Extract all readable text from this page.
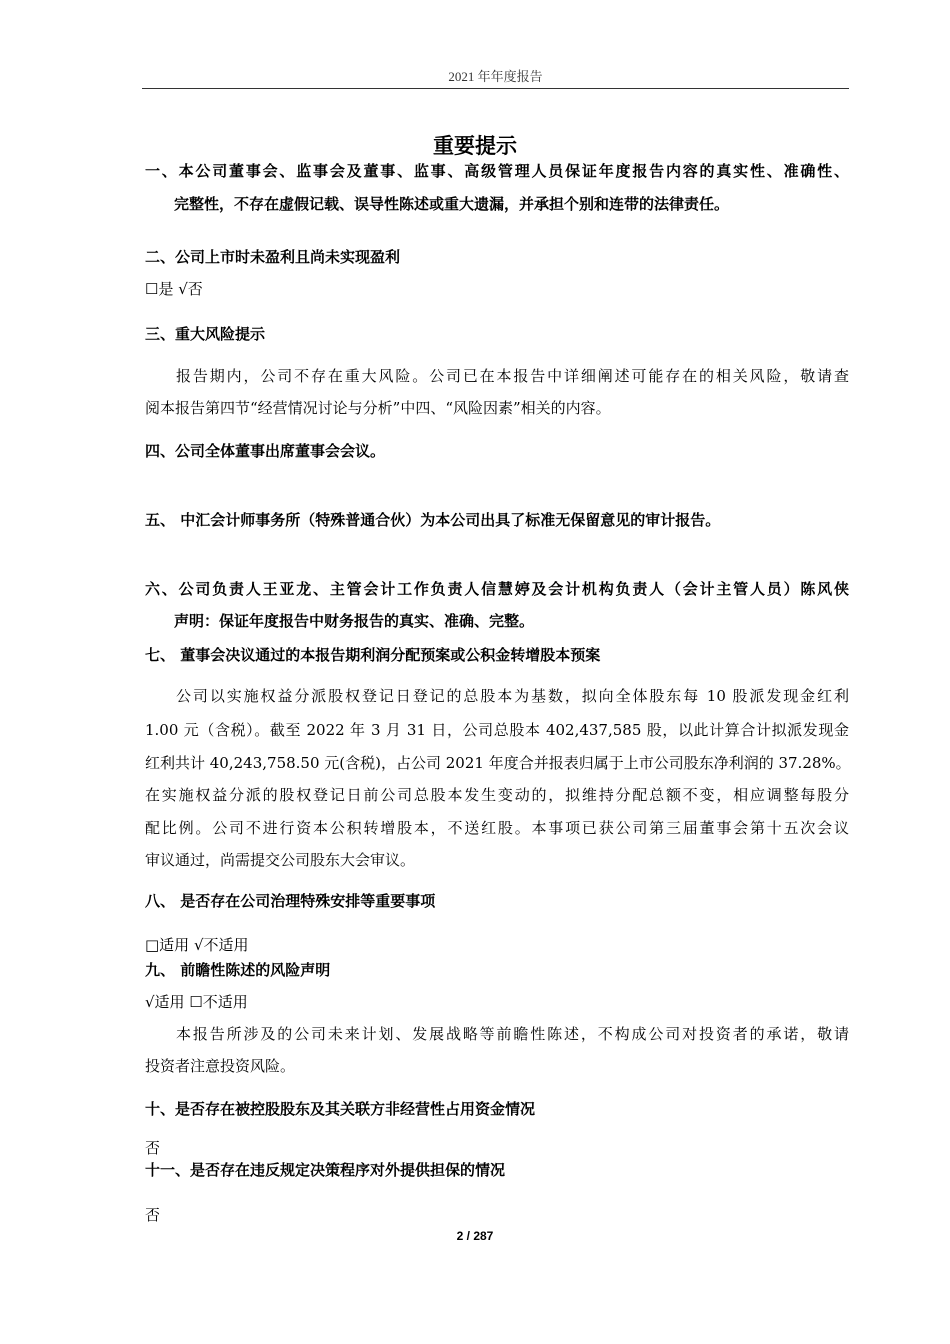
2021 年年度报告
重要提示
一、本公司董事会、监事会及董事、监事、高级管理人员保证年度报告内容的真实性、准确性、
完整性，不存在虚假记载、误导性陈述或重大遗漏，并承担个别和连带的法律责任。
二、公司上市时未盈利且尚未实现盈利
☐是 √否
三、重大风险提示
报告期内，公司不存在重大风险。公司已在本报告中详细阐述可能存在的相关风险，敬请查
阅本报告第四节“经营情况讨论与分析”中四、“风险因素”相关的内容。
四、公司全体董事出席董事会会议。
五、 中汇会计师事务所（特殊普通合伙）为本公司出具了标准无保留意见的审计报告。
六、公司负责人王亚龙、主管会计工作负责人信慧婷及会计机构负责人（会计主管人员）陈风侠
声明：保证年度报告中财务报告的真实、准确、完整。
七、 董事会决议通过的本报告期利润分配预案或公积金转增股本预案
公司以实施权益分派股权登记日登记的总股本为基数，拟向全体股东每 10 股派发现金红利
1.00 元（含税）。截至 2022 年 3 月 31 日，公司总股本 402,437,585 股，以此计算合计拟派发现金
红利共计 40,243,758.50 元(含税)，占公司 2021 年度合并报表归属于上市公司股东净利润的 37.28%。
在实施权益分派的股权登记日前公司总股本发生变动的，拟维持分配总额不变，相应调整每股分
配比例。公司不进行资本公积转增股本，不送红股。本事项已获公司第三届董事会第十五次会议
审议通过，尚需提交公司股东大会审议。
八、 是否存在公司治理特殊安排等重要事项
□适用 √不适用
九、 前瞻性陈述的风险声明
√适用 ☐不适用
本报告所涉及的公司未来计划、发展战略等前瞻性陈述，不构成公司对投资者的承诺，敬请
投资者注意投资风险。
十、是否存在被控股股东及其关联方非经营性占用资金情况
否
十一、是否存在违反规定决策程序对外提供担保的情况
否
2 / 287
